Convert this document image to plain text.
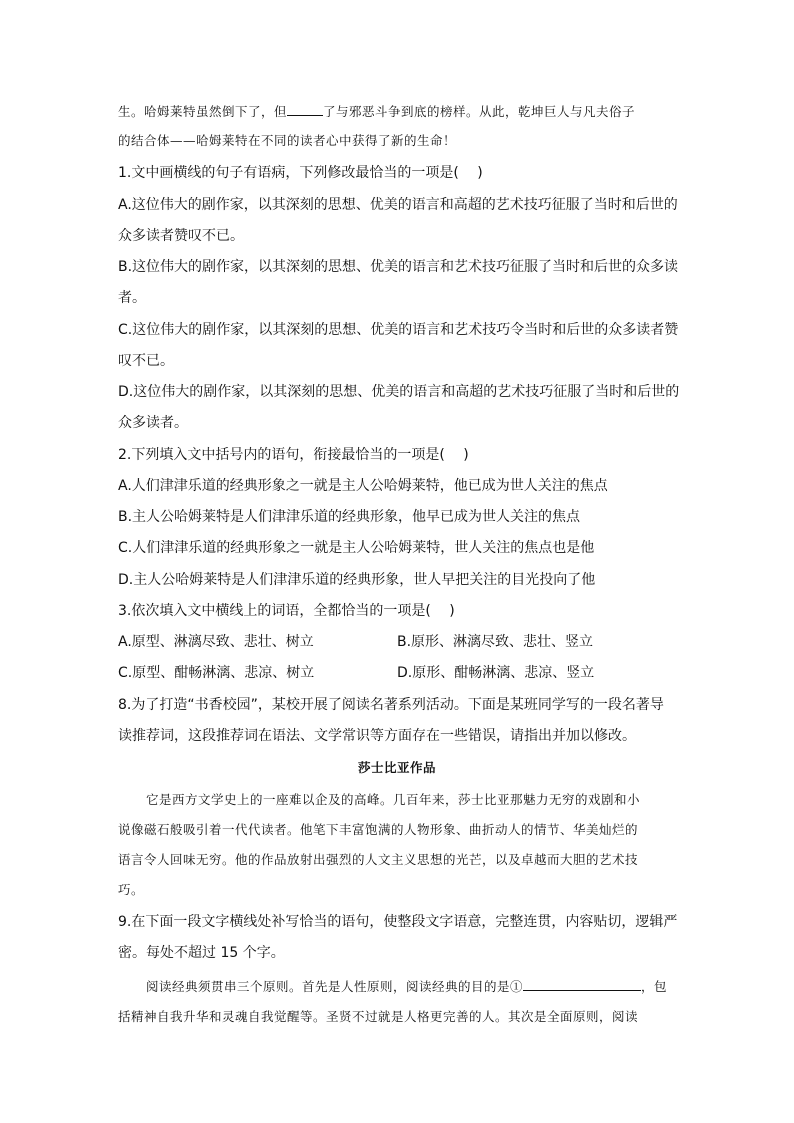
生。哈姆莱特虽然倒下了，但	了与邪恶斗争到底的榜样。从此，乾坤巨人与凡夫俗子
的结合体——哈姆莱特在不同的读者心中获得了新的生命！
1.文中画横线的句子有语病，下列修改最恰当的一项是(　 )
A.这位伟大的剧作家，以其深刻的思想、优美的语言和高超的艺术技巧征服了当时和后世的
众多读者赞叹不已。
B.这位伟大的剧作家，以其深刻的思想、优美的语言和艺术技巧征服了当时和后世的众多读
者。
C.这位伟大的剧作家，以其深刻的思想、优美的语言和艺术技巧令当时和后世的众多读者赞
叹不已。
D.这位伟大的剧作家，以其深刻的思想、优美的语言和高超的艺术技巧征服了当时和后世的
众多读者。
2.下列填入文中括号内的语句，衔接最恰当的一项是(　 )
A.人们津津乐道的经典形象之一就是主人公哈姆莱特，他已成为世人关注的焦点
B.主人公哈姆莱特是人们津津乐道的经典形象，他早已成为世人关注的焦点
C.人们津津乐道的经典形象之一就是主人公哈姆莱特，世人关注的焦点也是他
D.主人公哈姆莱特是人们津津乐道的经典形象，世人早把关注的目光投向了他
3.依次填入文中横线上的词语，全都恰当的一项是(　 )
A.原型、淋漓尽致、悲壮、树立	B.原形、淋漓尽致、悲壮、竖立
C.原型、酣畅淋漓、悲凉、树立	D.原形、酣畅淋漓、悲凉、竖立
8.为了打造“书香校园”，某校开展了阅读名著系列活动。下面是某班同学写的一段名著导
读推荐词，这段推荐词在语法、文学常识等方面存在一些错误，请指出并加以修改。
莎士比亚作品
它是西方文学史上的一座难以企及的高峰。几百年来，莎士比亚那魅力无穷的戏剧和小
说像磁石般吸引着一代代读者。他笔下丰富饱满的人物形象、曲折动人的情节、华美灿烂的
语言令人回味无穷。他的作品放射出强烈的人文主义思想的光芒，以及卓越而大胆的艺术技
巧。
9.在下面一段文字横线处补写恰当的语句，使整段文字语意，完整连贯，内容贴切，逻辑严
密。每处不超过 15 个字。
阅读经典须贯串三个原则。首先是人性原则，阅读经典的目的是①	，包
括精神自我升华和灵魂自我觉醒等。圣贤不过就是人格更完善的人。其次是全面原则，阅读
